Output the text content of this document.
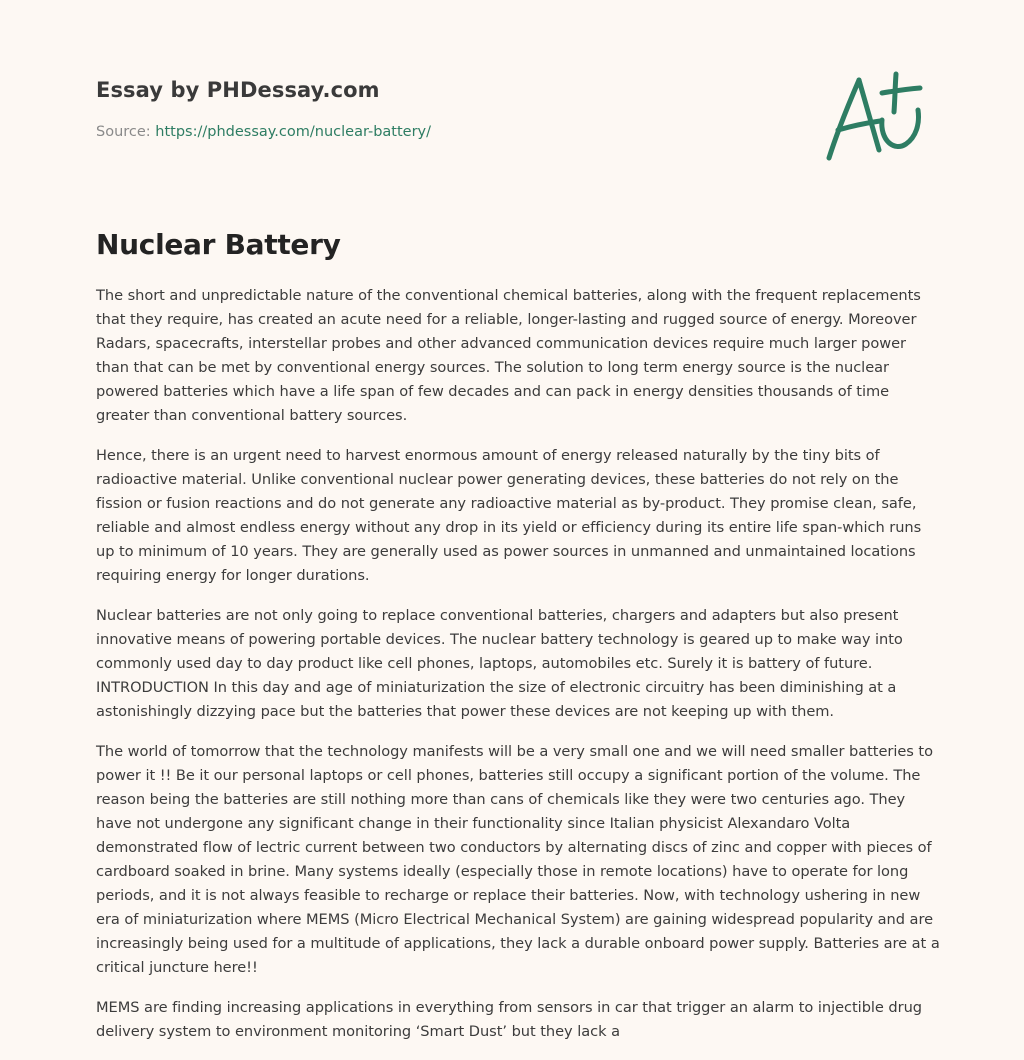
Essay by PHDessay.com
Source: https://phdessay.com/nuclear-battery/
Nuclear Battery

The short and unpredictable nature of the conventional chemical batteries, along with the frequent replacements that they require, has created an acute need for a reliable, longer-lasting and rugged source of energy. Moreover Radars, spacecrafts, interstellar probes and other advanced communication devices require much larger power than that can be met by conventional energy sources. The solution to long term energy source is the nuclear powered batteries which have a life span of few decades and can pack in energy densities thousands of time greater than conventional battery sources.

Hence, there is an urgent need to harvest enormous amount of energy released naturally by the tiny bits of radioactive material. Unlike conventional nuclear power generating devices, these batteries do not rely on the fission or fusion reactions and do not generate any radioactive material as by-product. They promise clean, safe, reliable and almost endless energy without any drop in its yield or efficiency during its entire life span-which runs up to minimum of 10 years. They are generally used as power sources in unmanned and unmaintained locations requiring energy for longer durations.

Nuclear batteries are not only going to replace conventional batteries, chargers and adapters but also present innovative means of powering portable devices. The nuclear battery technology is geared up to make way into commonly used day to day product like cell phones, laptops, automobiles etc. Surely it is battery of future. INTRODUCTION In this day and age of miniaturization the size of electronic circuitry has been diminishing at a astonishingly dizzying pace but the batteries that power these devices are not keeping up with them.

The world of tomorrow that the technology manifests will be a very small one and we will need smaller batteries to power it !! Be it our personal laptops or cell phones, batteries still occupy a significant portion of the volume. The reason being the batteries are still nothing more than cans of chemicals like they were two centuries ago. They have not undergone any significant change in their functionality since Italian physicist Alexandaro Volta demonstrated flow of lectric current between two conductors by alternating discs of zinc and copper with pieces of cardboard soaked in brine. Many systems ideally (especially those in remote locations) have to operate for long periods, and it is not always feasible to recharge or replace their batteries. Now, with technology ushering in new era of miniaturization where MEMS (Micro Electrical Mechanical System) are gaining widespread popularity and are increasingly being used for a multitude of applications, they lack a durable onboard power supply. Batteries are at a critical juncture here!!

MEMS are finding increasing applications in everything from sensors in car that trigger an alarm to injectible drug delivery system to environment monitoring ‘Smart Dust’ but they lack a
